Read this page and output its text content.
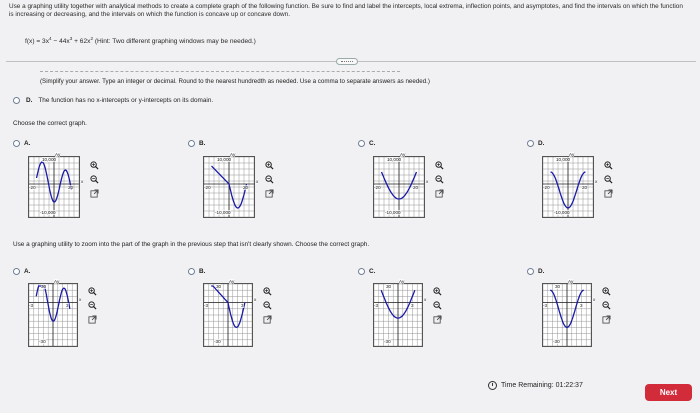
Use a graphing utility together with analytical methods to create a complete graph of the following function. Be sure to find and label the intercepts, local extrema, inflection points, and asymptotes, and find the intervals on which the function is increasing or decreasing, and the intervals on which the function is concave up or concave down.
$f(x) = 3x^4 - 44x^3 + 62x^2$ (Hint: Two different graphing windows may be needed.)
(Simplify your answer. Type an integer or decimal. Round to the nearest hundredth as needed. Use a comma to separate answers as needed.)
D. The function has no x-intercepts or y-intercepts on its domain.
Choose the correct graph.
A.
Ay
10,000
-10,000
-20	20
x
B.
Ay
10,000
-10,000
-20	20
x
C.
Ay
10,000
-10,000
-20	20
x
D.
Ay
10,000
-10,000
-20	20
x
Use a graphing utility to zoom into the part of the graph in the previous step that isn't clearly shown. Choose the correct graph.
A.
Ay
30
-30
-3	3
x
B.
Ay
30
-30
-3	3
x
C.
Ay
30
-30
-3	3
x
D.
Ay
30
-30
-3	3
x
Time Remaining: 01:22:37
Next
